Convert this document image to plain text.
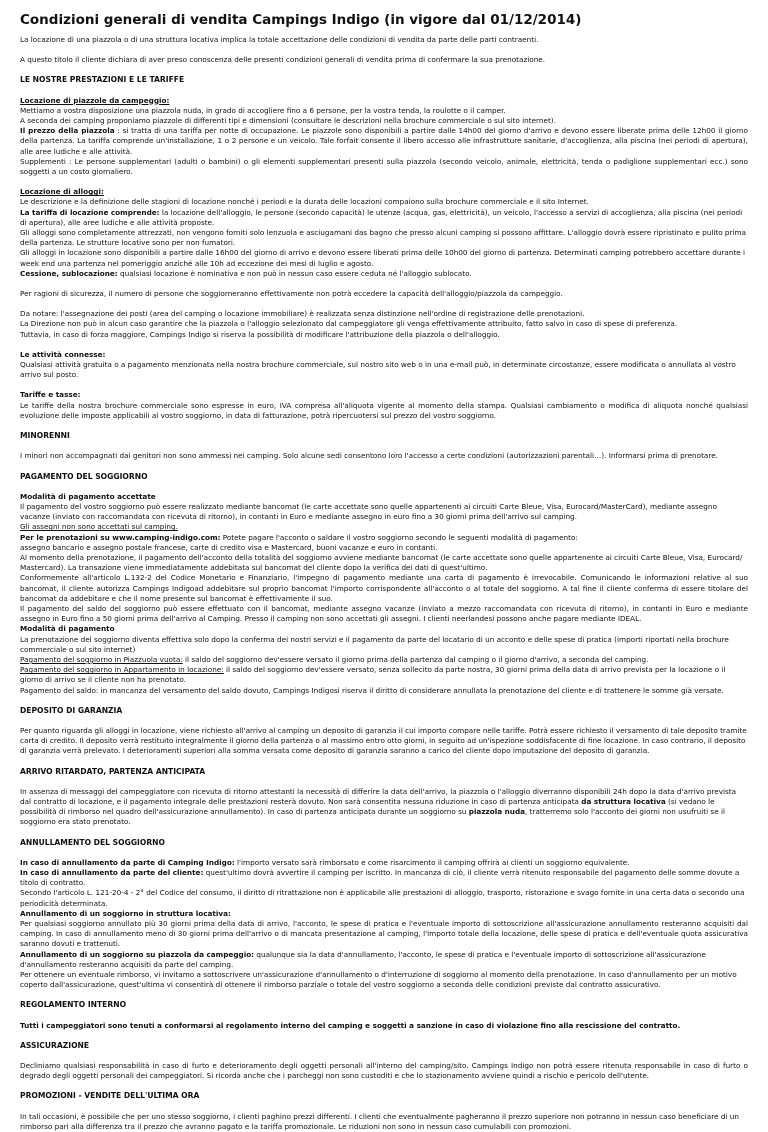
Condizioni generali di vendita Campings Indigo (in vigore dal 01/12/2014)

La locazione di una piazzola o di una struttura locativa implica la totale accettazione delle condizioni di vendita da parte delle parti contraenti.

A questo titolo il cliente dichiara di aver preso conoscenza delle presenti condizioni generali di vendita prima di confermare la sua prenotazione.

LE NOSTRE PRESTAZIONI E LE TARIFFE
Locazione di piazzole da campeggio:

Mettiamo a vostra disposizione una piazzola nuda, in grado di accogliere fino a 6 persone, per la vostra tenda, la roulotte o il camper.

A seconda dei camping proponiamo piazzole di differenti tipi e dimensioni (consultare le descrizioni nella brochure commerciale o sul sito internet).

Il prezzo della piazzola : si tratta di una tariffa per notte di occupazione. Le piazzole sono disponibili a partire dalle 14h00 del giorno d'arrivo e devono essere liberate prima delle 12h00 il giorno della partenza. La tariffa comprende un'installazione, 1 o 2 persone e un veicolo. Tale forfait consente il libero accesso alle infrastrutture sanitarie, d'accoglienza, alla piscina (nei periodi di apertura), alle aree ludiche e alle attività.

Supplementi : Le persone supplementari (adulti o bambini) o gli elementi supplementari presenti sulla piazzola (secondo veicolo, animale, elettricità, tenda o padiglione supplementari ecc.) sono soggetti a un costo giornaliero.

Locazione di alloggi:

Le descrizione e la definizione delle stagioni di locazione nonché i periodi e la durata delle locazioni compaiono sulla brochure commerciale e il sito Internet.

La tariffa di locazione comprende: la locazione dell'alloggio, le persone (secondo capacità) le utenze (acqua, gas, elettricità), un veicolo, l'accesso a servizi di accoglienza, alla piscina (nei periodi di apertura), alle aree ludiche e alle attività proposte.

Gli alloggi sono completamente attrezzati, non vengono forniti solo lenzuola e asciugamani das bagno che presso alcuni camping si possono affittare. L'alloggio dovrà essere ripristinato e pulito prima della partenza. Le strutture locative sono per non fumatori.

Gli alloggi in locazione sono disponibili a partire dalle 16h00 del giorno di arrivo e devono essere liberati prima delle 10h00 del giorno di partenza. Determinati camping potrebbero accettare durante i week end una partenza nel pomeriggio anziché alle 10h ad eccezione dei mesi di luglio e agosto.

Cessione, sublocazione: qualsiasi locazione è nominativa e non può in nessun caso essere ceduta né l'alloggio sublocato.

Per ragioni di sicurezza, il numero di persone che soggiorneranno effettivamente non potrà eccedere la capacità dell'alloggio/piazzola da campeggio.

Da notare: l'assegnazione dei posti (area del camping o locazione immobiliare) è realizzata senza distinzione nell'ordine di registrazione delle prenotazioni.

La Direzione non può in alcun caso garantire che la piazzola o l'alloggio selezionato dal campeggiatore gli venga effettivamente attribuito, fatto salvo in caso di spese di preferenza.

Tuttavia, in caso di forza maggiore, Campings Indigo si riserva la possibilità di modificare l'attribuzione della piazzola o dell'alloggio.

Le attività connesse:

Qualsiasi attività gratuita o a pagamento menzionata nella nostra brochure commerciale, sul nostro sito web o in una e-mail può, in determinate circostanze, essere modificata o annullata al vostro arrivo sul posto.

Tariffe e tasse:

Le tariffe della nostra brochure commerciale sono espresse in euro, IVA compresa all'aliquota vigente al momento della stampa. Qualsiasi cambiamento o modifica di aliquota nonché qualsiasi evoluzione delle imposte applicabili al vostro soggiorno, in data di fatturazione, potrà ripercuotersi sul prezzo del vostro soggiorno.

MINORENNI

I minori non accompagnati dai genitori non sono ammessi nei camping. Solo alcune sedi consentono loro l'accesso a certe condizioni (autorizzazioni parentali…). Informarsi prima di prenotare.

PAGAMENTO DEL SOGGIORNO
Modalità di pagamento accettate

Il pagamento del vostro soggiorno può essere realizzato mediante bancomat (le carte accettate sono quelle appartenenti ai circuiti Carte Bleue, Visa, Eurocard/MasterCard), mediante assegno vacanze (inviato con raccomandata con ricevuta di ritorno), in contanti in Euro e mediante assegno in euro fino a 30 giorni prima dell'arrivo sul camping.

Gli assegni non sono accettati sul camping.

Per le prenotazioni su www.camping-indigo.com: Potete pagare l'acconto o saldare il vostro soggiorno secondo le seguenti modalità di pagamento:

assegno bancario e assegno postale francese, carte di credito visa e Mastercard, buoni vacanze e euro in contanti.

Al momento della prenotazione, il pagamento dell'acconto della totalità del soggiorno avviene mediante bancomat (le carte accettate sono quelle appartenente ai circuiti Carte Bleue, Visa, Eurocard/ Mastercard). La transazione viene immediatamente addebitata sul bancomat del cliente dopo la verifica dei dati di quest'ultimo.

Conformemente all'articolo L.132-2 del Codice Monetario e Finanziario, l'impegno di pagamento mediante una carta di pagamento è irrevocabile. Comunicando le informazioni relative al suo bancomat, il cliente autorizza Campings Indigoad addebitare sul proprio bancomat l'importo corrispondente all'acconto o al totale del soggiorno. A tal fine il cliente conferma di essere titolare del bancomat da addebitare e che il nome presente sul bancomat è effettivamente il suo.

Il pagamento del saldo del soggiorno può essere effettuato con il bancomat, mediante assegno vacanze (inviato a mezzo raccomandata con ricevuta di ritorno), in contanti in Euro e mediante assegno in Euro fino a 50 giorni prima dell'arrivo al Camping. Presso il camping non sono accettati gli assegni. I clienti neerlandesi possono anche pagare mediante IDEAL.

Modalità di pagamento

La prenotazione del soggiorno diventa effettiva solo dopo la conferma dei nostri servizi e il pagamento da parte del locatario di un acconto e delle spese di pratica (importi riportati nella brochure commerciale o sul sito internet)

Pagamento del soggiorno in Piazzuola vuota: il saldo del soggiorno dev'essere versato il giorno prima della partenza dal camping o il giorno d'arrivo, a seconda del camping.

Pagamento del soggiorno in Appartamento in locazione: il saldo del soggiorno dev'essere versato, senza sollecito da parte nostra, 30 giorni prima della data di arrivo prevista per la locazione o il giorno di arrivo se il cliente non ha prenotato.

Pagamento del saldo: in mancanza del versamento del saldo dovuto, Campings Indigosi riserva il diritto di considerare annullata la prenotazione del cliente e di trattenere le somme già versate.

DEPOSITO DI GARANZIA

Per quanto riguarda gli alloggi in locazione, viene richiesto all'arrivo al camping un deposito di garanzia il cui importo compare nelle tariffe. Potrà essere richiesto il versamento di tale deposito tramite carta di credito. Il deposito verrà restituito integralmente il giorno della partenza o al massimo entro otto giorni, in seguito ad un'ispezione soddisfacente di fine locazione. In caso contrario, il deposito di garanzia verrà prelevato. I deterioramenti superiori alla somma versata come deposito di garanzia saranno a carico del cliente dopo imputazione del deposito di garanzia.

ARRIVO RITARDATO, PARTENZA ANTICIPATA

In assenza di messaggi del campeggiatore con ricevuta di ritorno attestanti la necessità di differire la data dell'arrivo, la piazzola o l'alloggio diverranno disponibili 24h dopo la data d'arrivo prevista dal contratto di locazione, e il pagamento integrale delle prestazioni resterà dovuto. Non sarà consentita nessuna riduzione in caso di partenza anticipata da struttura locativa (si vedano le possibilità di rimborso nel quadro dell'assicurazione annullamento). In caso di partenza anticipata durante un soggiorno su piazzola nuda, tratterremo solo l'acconto dei giorni non usufruiti se il soggiorno era stato prenotato.

ANNULLAMENTO DEL SOGGIORNO

In caso di annullamento da parte di Camping Indigo: l'importo versato sarà rimborsato e come risarcimento il camping offrirà ai clienti un soggiorno equivalente.

In caso di annullamento da parte del cliente: quest'ultimo dovrà avvertire il camping per iscritto. In mancanza di ciò, il cliente verrà ritenuto responsabile del pagamento delle somme dovute a titolo di contratto.

Secondo l'articolo L. 121-20-4 - 2° del Codice del consumo, il diritto di ritrattazione non è applicabile alle prestazioni di alloggio, trasporto, ristorazione e svago fornite in una certa data o secondo una periodicità determinata.

Annullamento di un soggiorno in struttura locativa:

Per qualsiasi soggiorno annullato più 30 giorni prima della data di arrivo, l'acconto, le spese di pratica e l'eventuale importo di sottoscrizione all'assicurazione annullamento resteranno acquisiti dal camping. In caso di annullamento meno di 30 giorni prima dell'arrivo o di mancata presentazione al camping, l'importo totale della locazione, delle spese di pratica e dell'eventuale quota assicurativa saranno dovuti e trattenuti.

Annullamento di un soggiorno su piazzola da campeggio: qualunque sia la data d'annullamento, l'acconto, le spese di pratica e l'eventuale importo di sottoscrizione all'assicurazione d'annullamento resteranno acquisiti da parte del camping.

Per ottenere un eventuale rimborso, vi invitamo a sottoscrivere un'assicurazione d'annullamento o d'interruzione di soggiorno al momento della prenotazione. In caso d'annullamento per un motivo coperto dall'assicurazione, quest'ultima vi consentirà di ottenere il rimborso parziale o totale del vostro soggiorno a seconda delle condizioni previste dal contratto assicurativo.

REGOLAMENTO INTERNO

Tutti i campeggiatori sono tenuti a conformarsi al regolamento interno del camping e soggetti a sanzione in caso di violazione fino alla rescissione del contratto.

ASSICURAZIONE

Decliniamo qualsiasi responsabilità in caso di furto e deterioramento degli oggetti personali all'interno del camping/sito. Campings Indigo non potrà essere ritenuta responsabile in caso di furto o degrado degli oggetti personali dei campeggiatori. Si ricorda anche che i parcheggi non sono custoditi e che lo stazionamento avviene quindi a rischio e pericolo dell'utente.

PROMOZIONI - VENDITE DELL'ULTIMA ORA

In tali occasioni, è possibile che per uno stesso soggiorno, i clienti paghino prezzi differenti. I clienti che eventualmente pagheranno il prezzo superiore non potranno in nessun caso beneficiare di un rimborso pari alla differenza tra il prezzo che avranno pagato e la tariffa promozionale. Le riduzioni non sono in nessun caso cumulabili con promozioni.
